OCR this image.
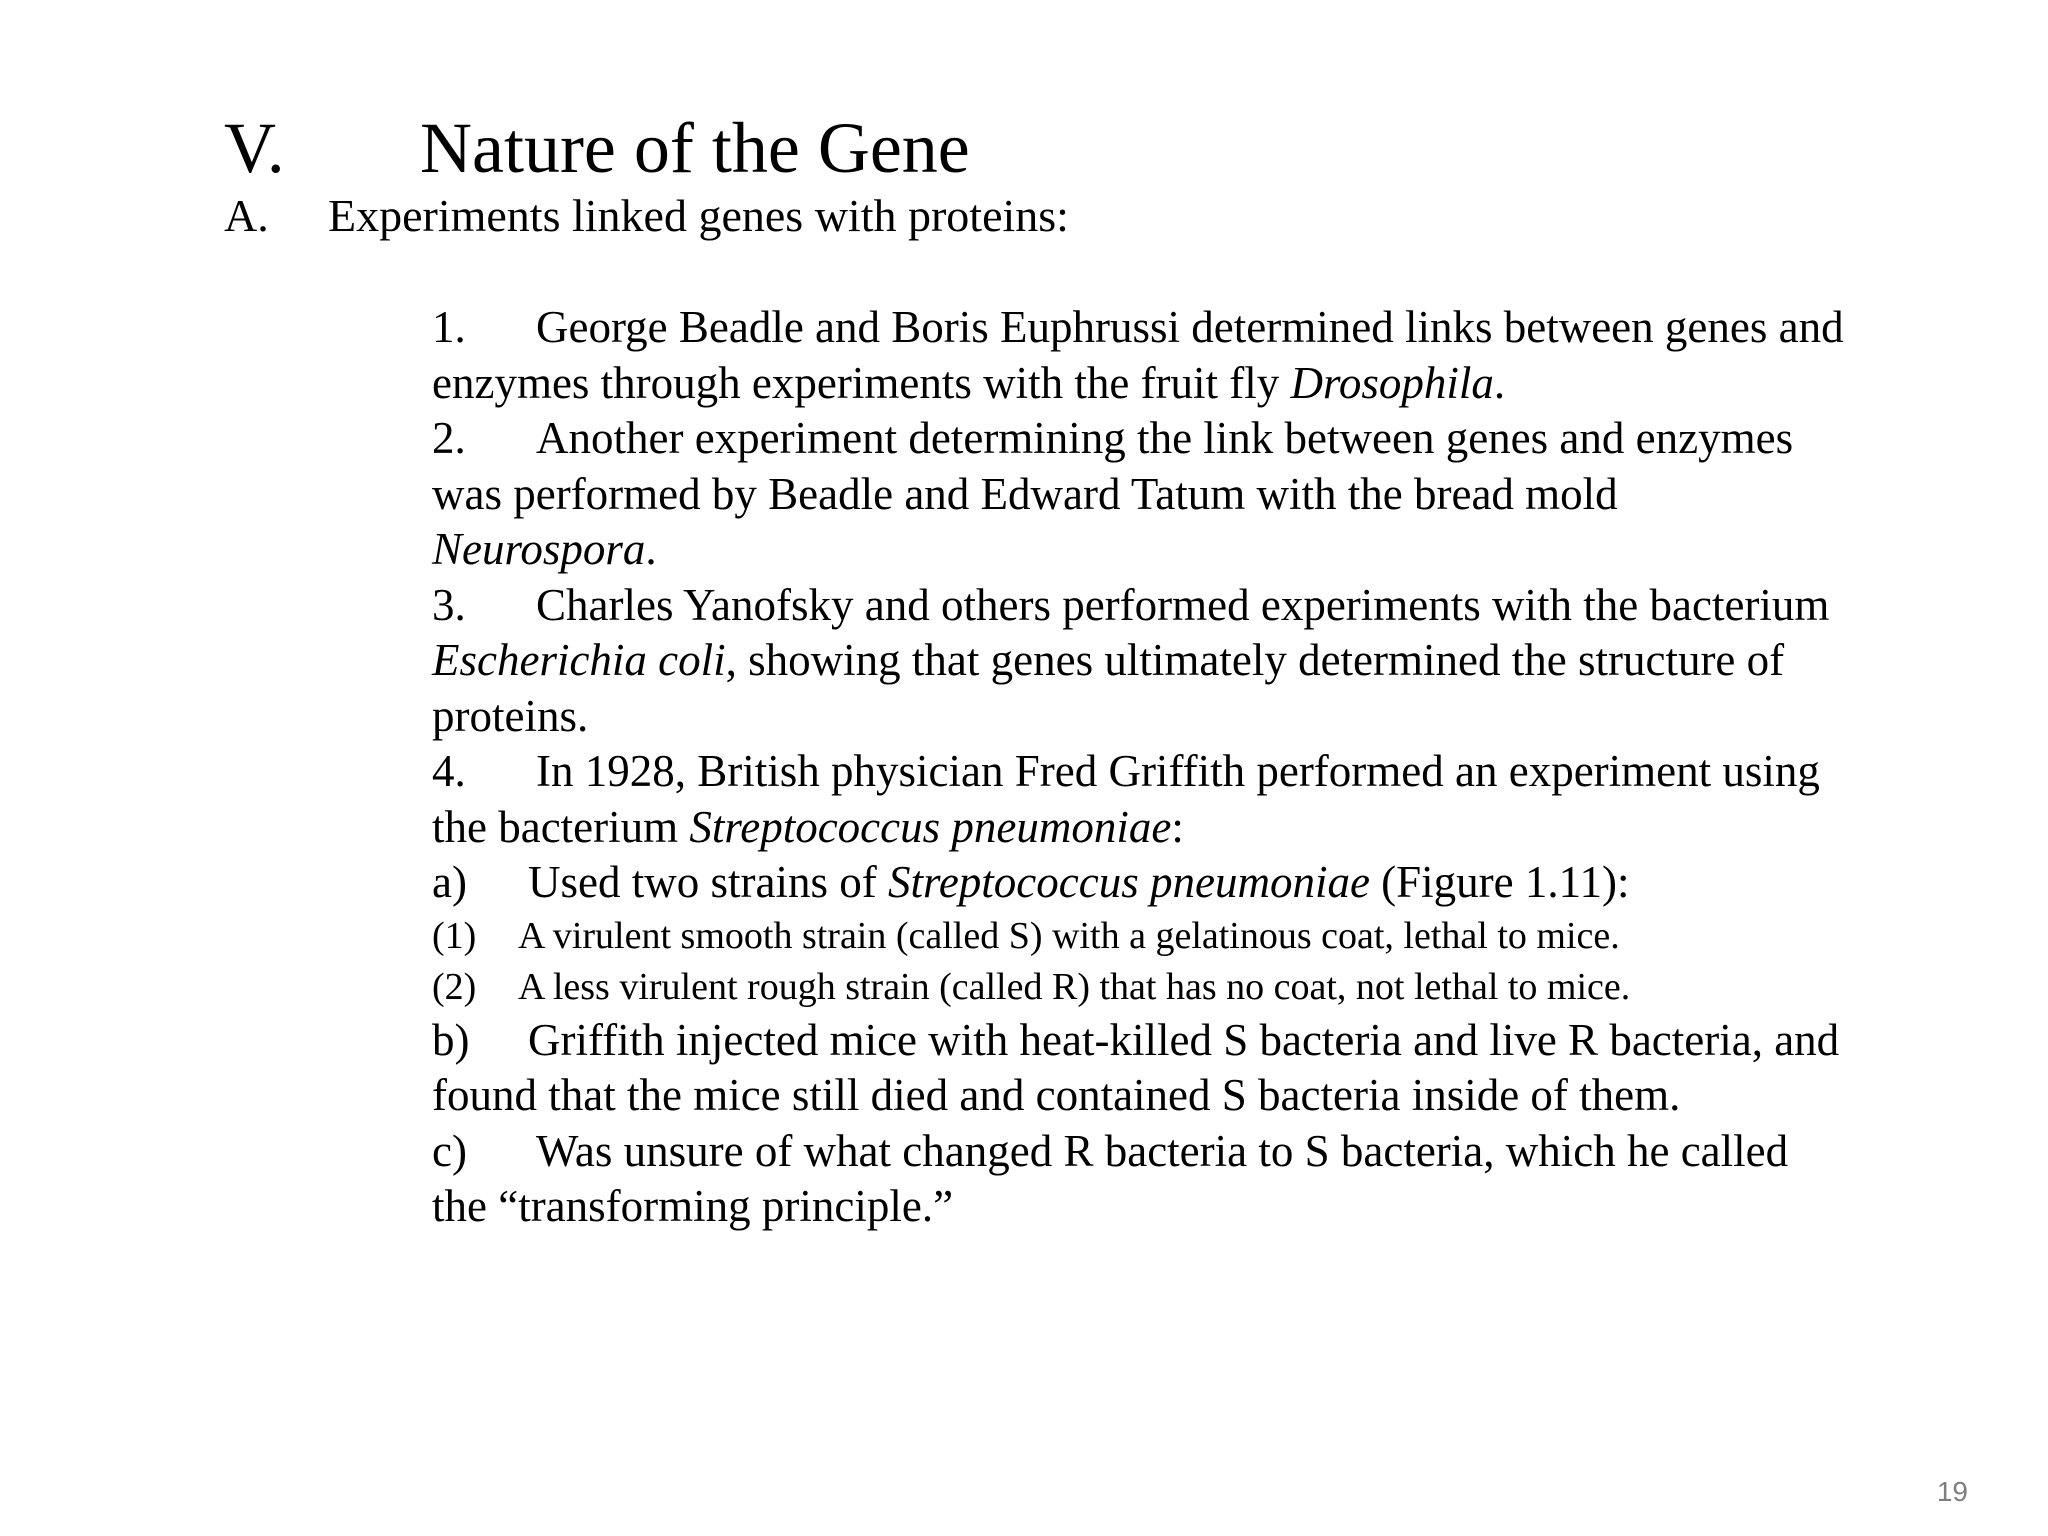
V. Nature of the Gene
A. Experiments linked genes with proteins:

1. George Beadle and Boris Euphrussi determined links between genes and enzymes through experiments with the fruit fly Drosophila.

2. Another experiment determining the link between genes and enzymes was performed by Beadle and Edward Tatum with the bread mold Neurospora.

3. Charles Yanofsky and others performed experiments with the bacterium Escherichia coli, showing that genes ultimately determined the structure of proteins.

4. In 1928, British physician Fred Griffith performed an experiment using the bacterium Streptococcus pneumoniae:

a) Used two strains of Streptococcus pneumoniae (Figure 1.11):

(1) A virulent smooth strain (called S) with a gelatinous coat, lethal to mice.

(2) A less virulent rough strain (called R) that has no coat, not lethal to mice.

b) Griffith injected mice with heat-killed S bacteria and live R bacteria, and found that the mice still died and contained S bacteria inside of them.

c) Was unsure of what changed R bacteria to S bacteria, which he called the “transforming principle.”

19
